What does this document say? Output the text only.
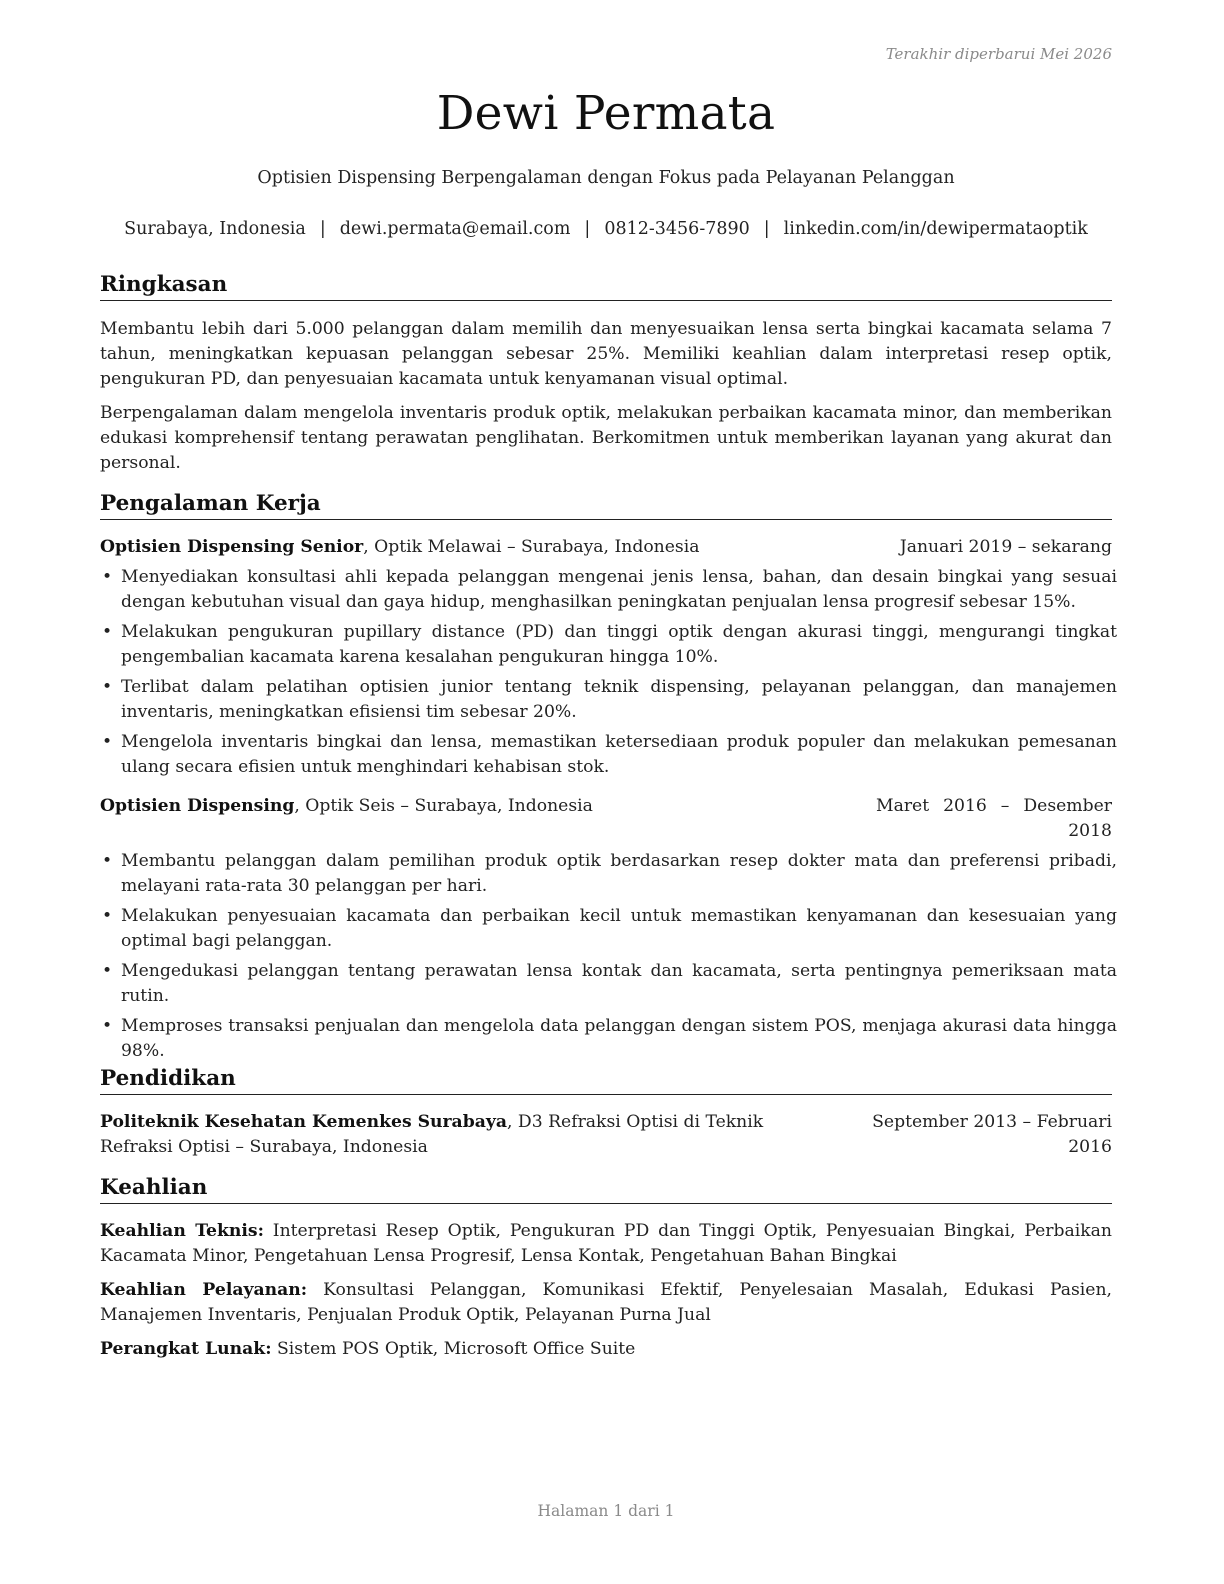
Terakhir diperbarui Mei 2026
Dewi Permata
Optisien Dispensing Berpengalaman dengan Fokus pada Pelayanan Pelanggan
Surabaya, Indonesia | dewi.permata@email.com | 0812-3456-7890 | linkedin.com/in/dewipermataoptik
Ringkasan

Membantu lebih dari 5.000 pelanggan dalam memilih dan menyesuaikan lensa serta bingkai kacamata selama 7 tahun, meningkatkan kepuasan pelanggan sebesar 25%. Memiliki keahlian dalam interpretasi resep optik, pengukuran PD, dan penyesuaian kacamata untuk kenyamanan visual optimal.

Berpengalaman dalam mengelola inventaris produk optik, melakukan perbaikan kacamata minor, dan memberikan edukasi komprehensif tentang perawatan penglihatan. Berkomitmen untuk memberikan layanan yang akurat dan personal.

Pengalaman Kerja
Optisien Dispensing Senior, Optik Melawai – Surabaya, Indonesia	Januari 2019 – sekarang
• Menyediakan konsultasi ahli kepada pelanggan mengenai jenis lensa, bahan, dan desain bingkai yang sesuai dengan kebutuhan visual dan gaya hidup, menghasilkan peningkatan penjualan lensa progresif sebesar 15%.
• Melakukan pengukuran pupillary distance (PD) dan tinggi optik dengan akurasi tinggi, mengurangi tingkat pengembalian kacamata karena kesalahan pengukuran hingga 10%.
• Terlibat dalam pelatihan optisien junior tentang teknik dispensing, pelayanan pelanggan, dan manajemen inventaris, meningkatkan efisiensi tim sebesar 20%.
• Mengelola inventaris bingkai dan lensa, memastikan ketersediaan produk populer dan melakukan pemesanan ulang secara efisien untuk menghindari kehabisan stok.
Optisien Dispensing, Optik Seis – Surabaya, Indonesia	Maret 2016 – Desember 2018
• Membantu pelanggan dalam pemilihan produk optik berdasarkan resep dokter mata dan preferensi pribadi, melayani rata-rata 30 pelanggan per hari.
• Melakukan penyesuaian kacamata dan perbaikan kecil untuk memastikan kenyamanan dan kesesuaian yang optimal bagi pelanggan.
• Mengedukasi pelanggan tentang perawatan lensa kontak dan kacamata, serta pentingnya pemeriksaan mata rutin.
• Memproses transaksi penjualan dan mengelola data pelanggan dengan sistem POS, menjaga akurasi data hingga 98%.
Pendidikan
Politeknik Kesehatan Kemenkes Surabaya, D3 Refraksi Optisi di Teknik Refraksi Optisi – Surabaya, Indonesia
September 2013 – Februari 2016
Keahlian

Keahlian Teknis: Interpretasi Resep Optik, Pengukuran PD dan Tinggi Optik, Penyesuaian Bingkai, Perbaikan Kacamata Minor, Pengetahuan Lensa Progresif, Lensa Kontak, Pengetahuan Bahan Bingkai

Keahlian Pelayanan: Konsultasi Pelanggan, Komunikasi Efektif, Penyelesaian Masalah, Edukasi Pasien, Manajemen Inventaris, Penjualan Produk Optik, Pelayanan Purna Jual

Perangkat Lunak: Sistem POS Optik, Microsoft Office Suite

Halaman 1 dari 1
